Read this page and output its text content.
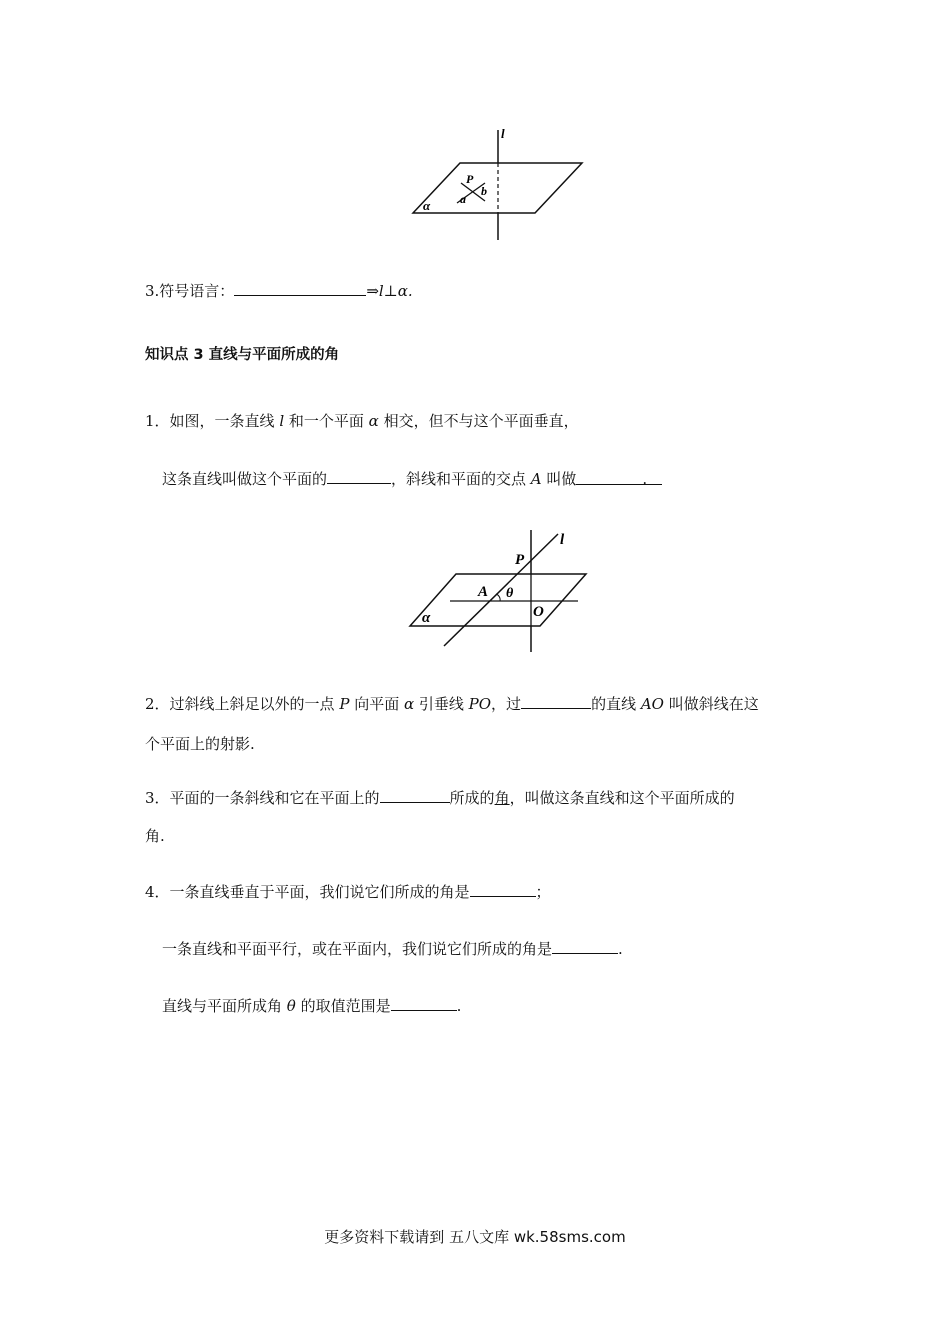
l
P
a
b
α
3.符号语言：	⇒l⊥α.
知识点 3 直线与平面所成的角
1．如图，一条直线 l 和一个平面 α 相交，但不与这个平面垂直，
这条直线叫做这个平面的	，斜线和平面的交点 A 叫做	.
l
P
A θ
O
α
2．过斜线上斜足以外的一点 P 向平面 α 引垂线 PO，过	的直线 AO 叫做斜线在这
个平面上的射影.
3．平面的一条斜线和它在平面上的	所成的角，叫做这条直线和这个平面所成的
角.
4．一条直线垂直于平面，我们说它们所成的角是	；
一条直线和平面平行，或在平面内，我们说它们所成的角是	.
直线与平面所成角 θ 的取值范围是	.
更多资料下载请到 五八文库 wk.58sms.com
